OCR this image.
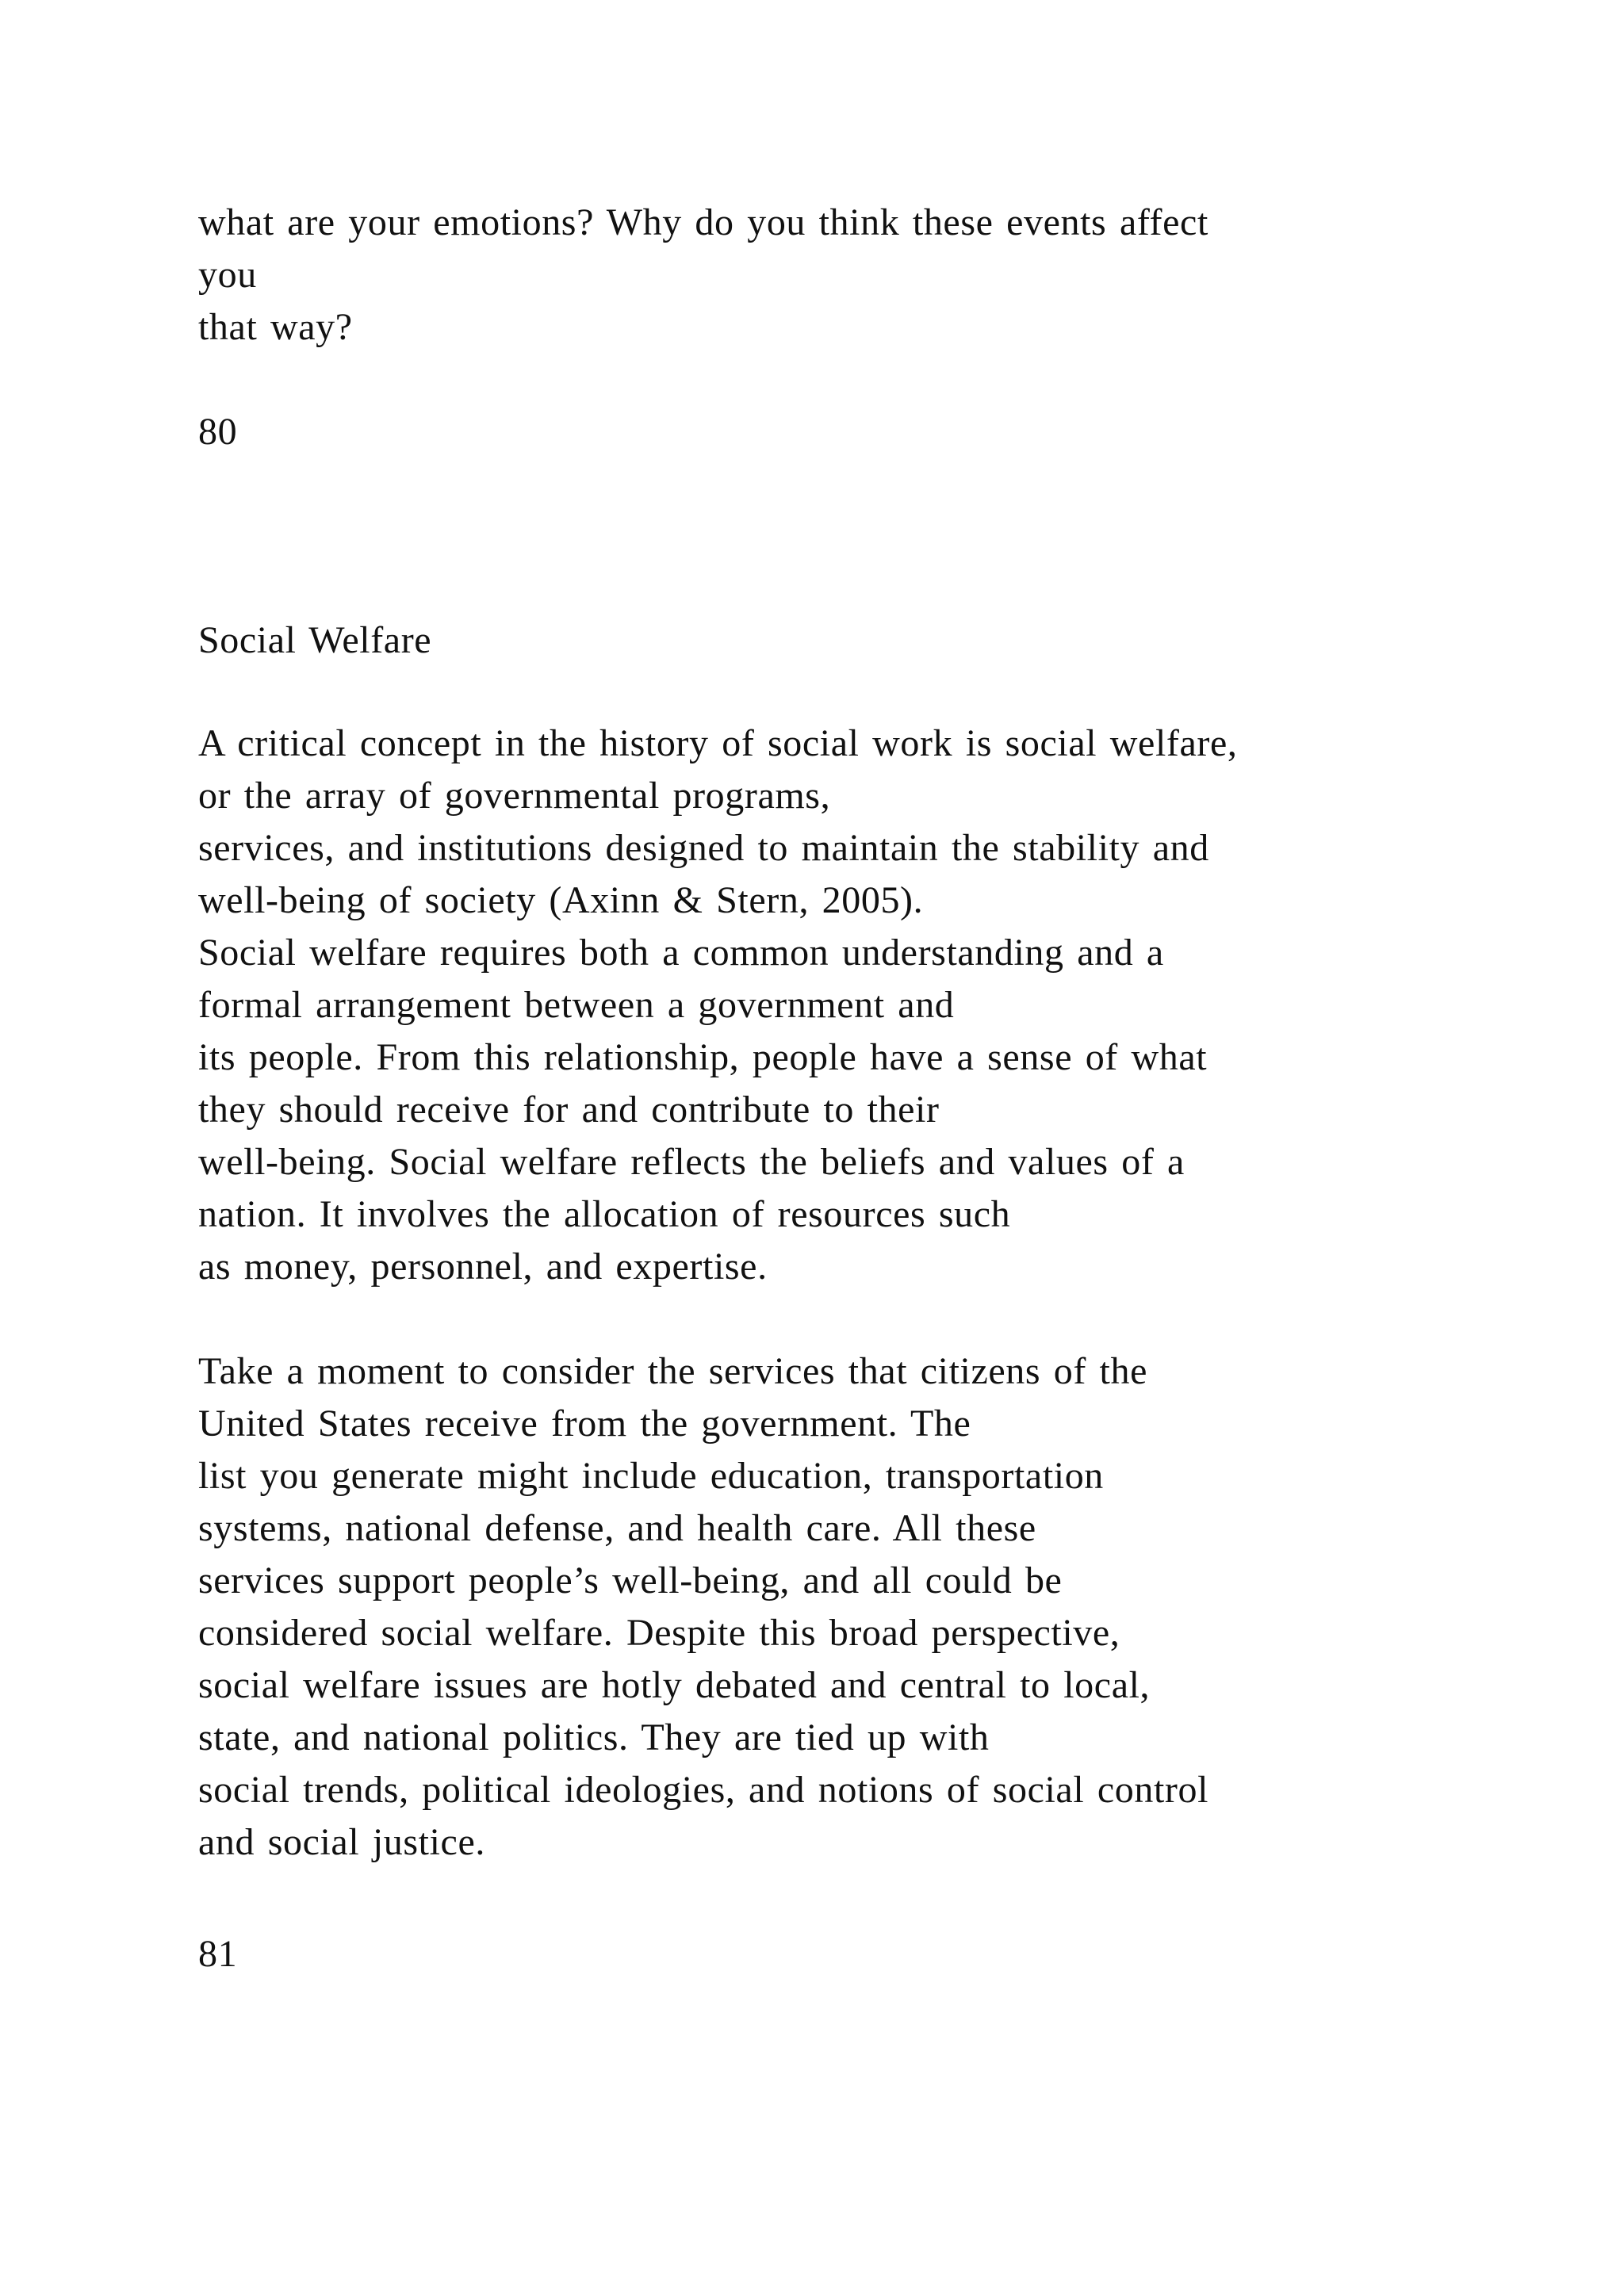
what are your emotions? Why do you think these events affect
you
that way?
80
Social Welfare
A critical concept in the history of social work is social welfare,
or the array of governmental programs,
services, and institutions designed to maintain the stability and
well-being of society (Axinn & Stern, 2005).
Social welfare requires both a common understanding and a
formal arrangement between a government and
its people. From this relationship, people have a sense of what
they should receive for and contribute to their
well-being. Social welfare reflects the beliefs and values of a
nation. It involves the allocation of resources such
as money, personnel, and expertise.
Take a moment to consider the services that citizens of the
United States receive from the government. The
list you generate might include education, transportation
systems, national defense, and health care. All these
services support people’s well-being, and all could be
considered social welfare. Despite this broad perspective,
social welfare issues are hotly debated and central to local,
state, and national politics. They are tied up with
social trends, political ideologies, and notions of social control
and social justice.
81
